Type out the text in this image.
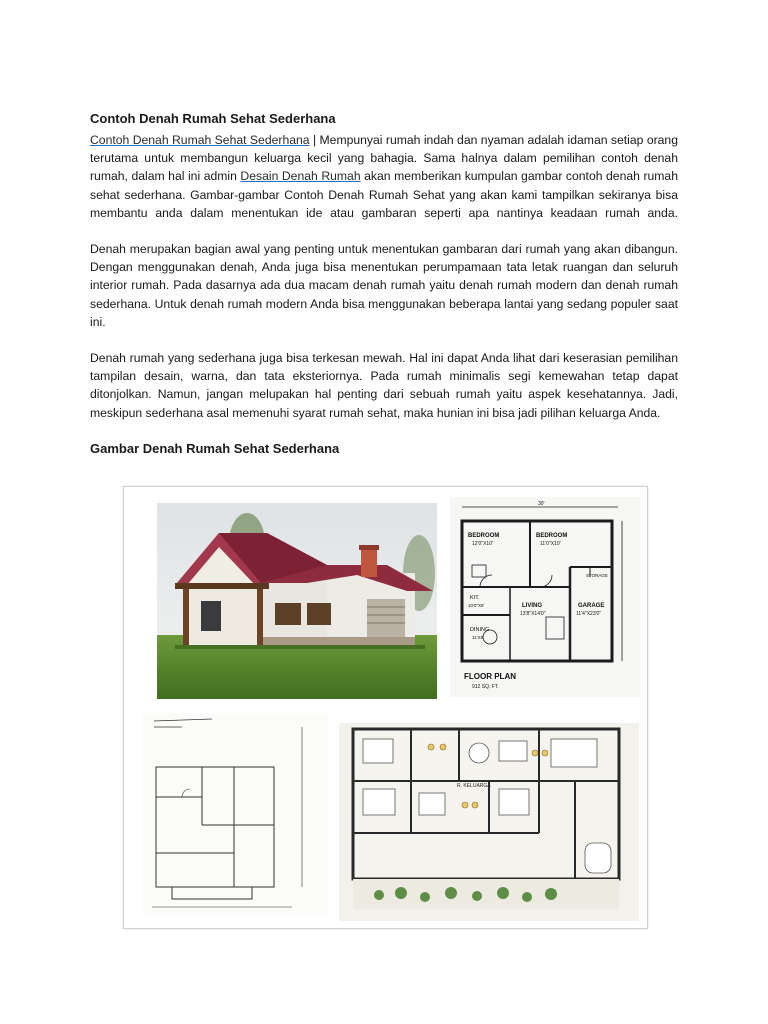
Contoh Denah Rumah Sehat Sederhana

Contoh Denah Rumah Sehat Sederhana | Mempunyai rumah indah dan nyaman adalah idaman setiap orang terutama untuk membangun keluarga kecil yang bahagia. Sama halnya dalam pemilihan contoh denah rumah, dalam hal ini admin Desain Denah Rumah akan memberikan kumpulan gambar contoh denah rumah sehat sederhana. Gambar-gambar Contoh Denah Rumah Sehat yang akan kami tampilkan sekiranya bisa membantu anda dalam menentukan ide atau gambaran seperti apa nantinya keadaan rumah anda.

Denah merupakan bagian awal yang penting untuk menentukan gambaran dari rumah yang akan dibangun. Dengan menggunakan denah, Anda juga bisa menentukan perumpamaan tata letak ruangan dan seluruh interior rumah. Pada dasarnya ada dua macam denah rumah yaitu denah rumah modern dan denah rumah sederhana. Untuk denah rumah modern Anda bisa menggunakan beberapa lantai yang sedang populer saat ini.

Denah rumah yang sederhana juga bisa terkesan mewah. Hal ini dapat Anda lihat dari keserasian pemilihan tampilan desain, warna, dan tata eksteriornya. Pada rumah minimalis segi kemewahan tetap dapat ditonjolkan. Namun, jangan melupakan hal penting dari sebuah rumah yaitu aspek kesehatannya. Jadi, meskipun sederhana asal memenuhi syarat rumah sehat, maka hunian ini bisa jadi pilihan keluarga Anda.

Gambar Denah Rumah Sehat Sederhana
30'
BEDROOM
12'0"X10'
BEDROOM
11'0"X10'
STORAGE
KIT.
10'0"X8'	LIVING
13'8"X14'0"
GARAGE
11'4"X23'0"
DINING
11'X8'
FLOOR PLAN
912 SQ. FT.
R. KELUARGA
